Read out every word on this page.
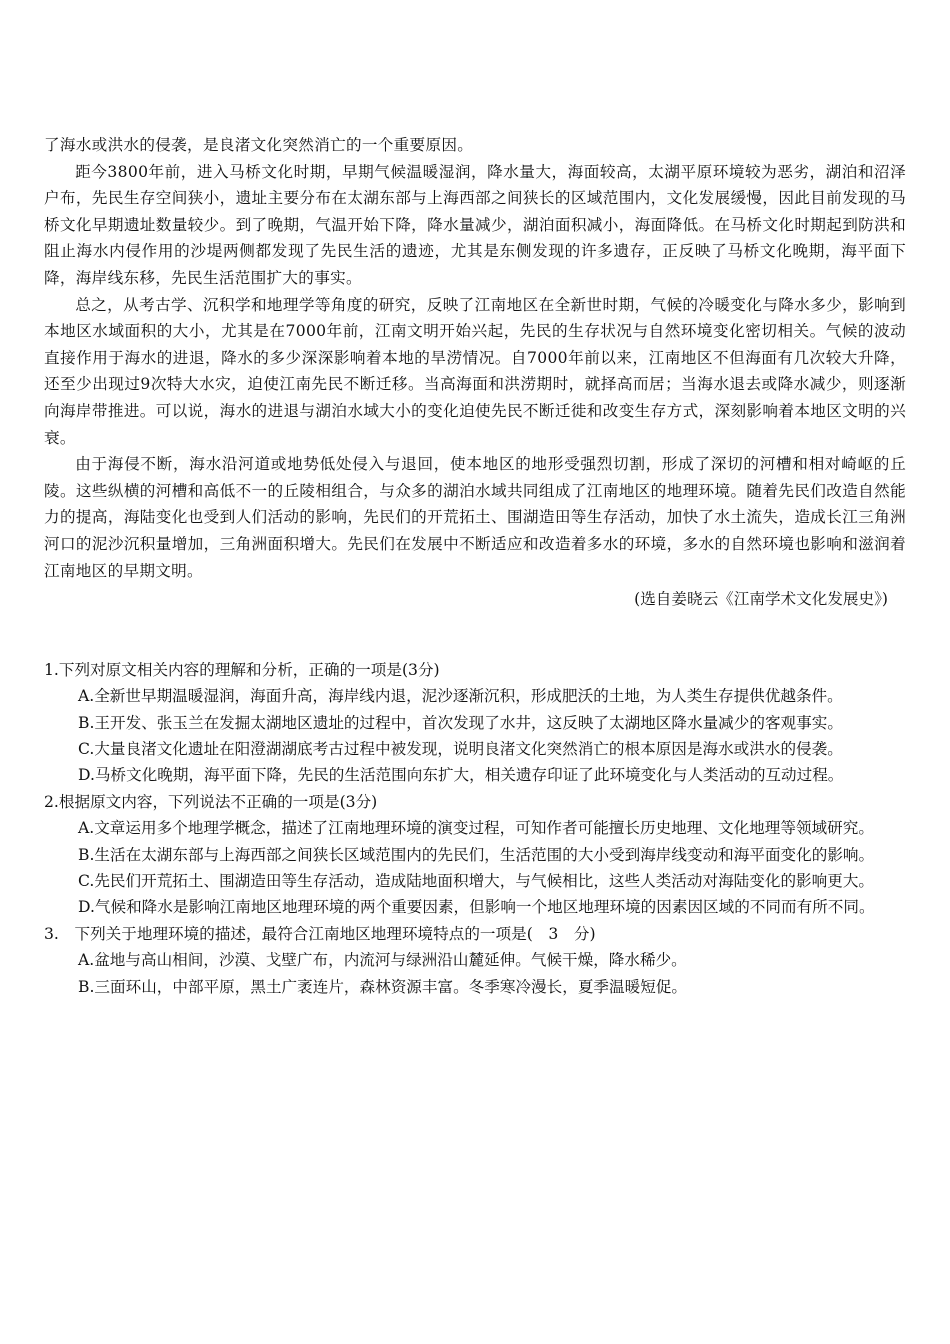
了海水或洪水的侵袭，是良渚文化突然消亡的一个重要原因。

距今3800年前，进入马桥文化时期，早期气候温暖湿润，降水量大，海面较高，太湖平原环境较为恶劣，湖泊和沼泽户布，先民生存空间狭小，遗址主要分布在太湖东部与上海西部之间狭长的区域范围内，文化发展缓慢，因此目前发现的马桥文化早期遗址数量较少。到了晚期，气温开始下降，降水量减少，湖泊面积减小，海面降低。在马桥文化时期起到防洪和阻止海水内侵作用的沙堤两侧都发现了先民生活的遗迹，尤其是东侧发现的许多遗存，正反映了马桥文化晚期，海平面下降，海岸线东移，先民生活范围扩大的事实。

总之，从考古学、沉积学和地理学等角度的研究，反映了江南地区在全新世时期，气候的冷暖变化与降水多少，影响到本地区水域面积的大小，尤其是在7000年前，江南文明开始兴起，先民的生存状况与自然环境变化密切相关。气候的波动直接作用于海水的进退，降水的多少深深影响着本地的旱涝情况。自7000年前以来，江南地区不但海面有几次较大升降，还至少出现过9次特大水灾，迫使江南先民不断迁移。当高海面和洪涝期时，就择高而居；当海水退去或降水减少，则逐渐向海岸带推进。可以说，海水的进退与湖泊水域大小的变化迫使先民不断迁徙和改变生存方式，深刻影响着本地区文明的兴衰。

由于海侵不断，海水沿河道或地势低处侵入与退回，使本地区的地形受强烈切割，形成了深切的河槽和相对崎岖的丘陵。这些纵横的河槽和高低不一的丘陵相组合，与众多的湖泊水域共同组成了江南地区的地理环境。随着先民们改造自然能力的提高，海陆变化也受到人们活动的影响，先民们的开荒拓土、围湖造田等生存活动，加快了水土流失，造成长江三角洲河口的泥沙沉积量增加，三角洲面积增大。先民们在发展中不断适应和改造着多水的环境，多水的自然环境也影响和滋润着江南地区的早期文明。

(选自姜晓云《江南学术文化发展史》)

1.下列对原文相关内容的理解和分析，正确的一项是(3分)

A.全新世早期温暖湿润，海面升高，海岸线内退，泥沙逐渐沉积，形成肥沃的土地，为人类生存提供优越条件。

B.王开发、张玉兰在发掘太湖地区遗址的过程中，首次发现了水井，这反映了太湖地区降水量减少的客观事实。

C.大量良渚文化遗址在阳澄湖湖底考古过程中被发现，说明良渚文化突然消亡的根本原因是海水或洪水的侵袭。

D.马桥文化晚期，海平面下降，先民的生活范围向东扩大，相关遗存印证了此环境变化与人类活动的互动过程。

2.根据原文内容，下列说法不正确的一项是(3分)

A.文章运用多个地理学概念，描述了江南地理环境的演变过程，可知作者可能擅长历史地理、文化地理等领域研究。

B.生活在太湖东部与上海西部之间狭长区域范围内的先民们，生活范围的大小受到海岸线变动和海平面变化的影响。

C.先民们开荒拓土、围湖造田等生存活动，造成陆地面积增大，与气候相比，这些人类活动对海陆变化的影响更大。

D.气候和降水是影响江南地区地理环境的两个重要因素，但影响一个地区地理环境的因素因区域的不同而有所不同。

3.　下列关于地理环境的描述，最符合江南地区地理环境特点的一项是(　3　分)

A.盆地与高山相间，沙漠、戈壁广布，内流河与绿洲沿山麓延伸。气候干燥，降水稀少。

B.三面环山，中部平原，黑土广袤连片，森林资源丰富。冬季寒冷漫长，夏季温暖短促。
